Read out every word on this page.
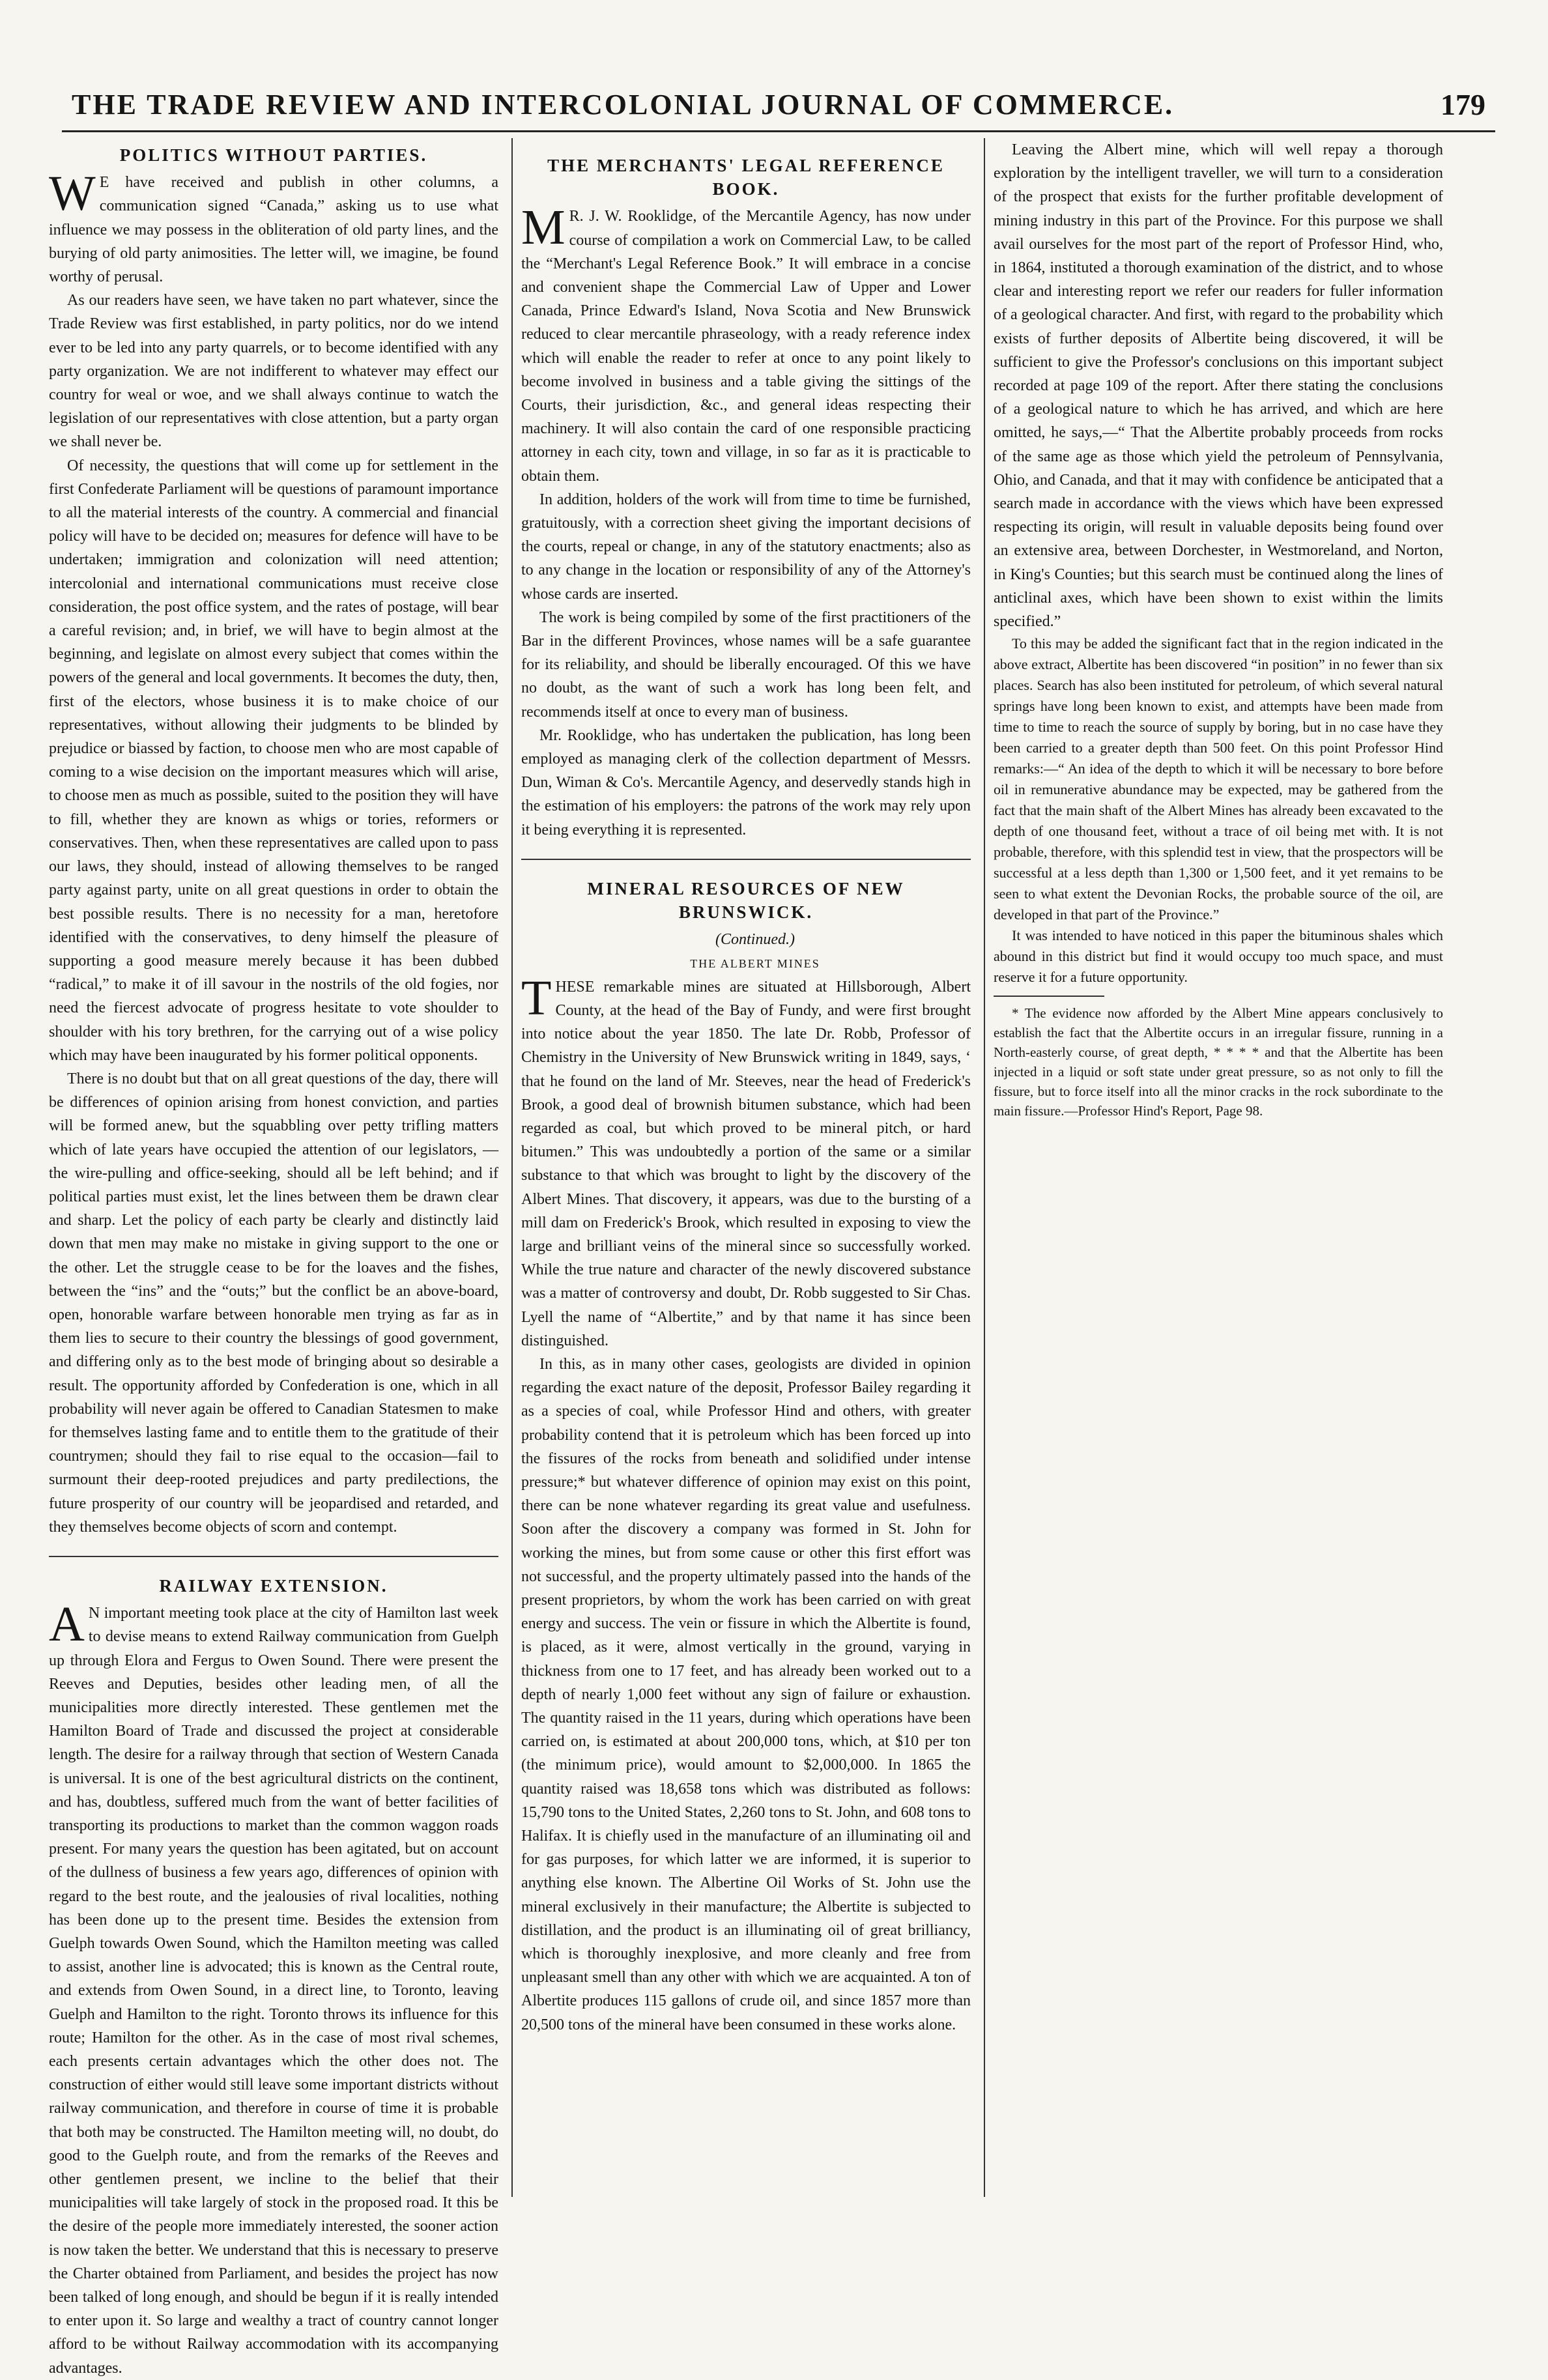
THE TRADE REVIEW AND INTERCOLONIAL JOURNAL OF COMMERCE.	179
POLITICS WITHOUT PARTIES.

W E have received and publish in other columns, a communication signed “Canada,” asking us to use what influence we may possess in the obliteration of old party lines, and the burying of old party animosities. The letter will, we imagine, be found worthy of perusal.

As our readers have seen, we have taken no part whatever, since the Trade Review was first established, in party politics, nor do we intend ever to be led into any party quarrels, or to become identified with any party organization. We are not indifferent to whatever may effect our country for weal or woe, and we shall always continue to watch the legislation of our representatives with close attention, but a party organ we shall never be.

Of necessity, the questions that will come up for settlement in the first Confederate Parliament will be questions of paramount importance to all the material interests of the country. A commercial and financial policy will have to be decided on; measures for defence will have to be undertaken; immigration and colonization will need attention; intercolonial and international communications must receive close consideration, the post office system, and the rates of postage, will bear a careful revision; and, in brief, we will have to begin almost at the beginning, and legislate on almost every subject that comes within the powers of the general and local governments. It becomes the duty, then, first of the electors, whose business it is to make choice of our representatives, without allowing their judgments to be blinded by prejudice or biassed by faction, to choose men who are most capable of coming to a wise decision on the important measures which will arise, to choose men as much as possible, suited to the position they will have to fill, whether they are known as whigs or tories, reformers or conservatives. Then, when these representatives are called upon to pass our laws, they should, instead of allowing themselves to be ranged party against party, unite on all great questions in order to obtain the best possible results. There is no necessity for a man, heretofore identified with the conservatives, to deny himself the pleasure of supporting a good measure merely because it has been dubbed “radical,” to make it of ill savour in the nostrils of the old fogies, nor need the fiercest advocate of progress hesitate to vote shoulder to shoulder with his tory brethren, for the carrying out of a wise policy which may have been inaugurated by his former political opponents.

There is no doubt but that on all great questions of the day, there will be differences of opinion arising from honest conviction, and parties will be formed anew, but the squabbling over petty trifling matters which of late years have occupied the attention of our legislators, — the wire-pulling and office-seeking, should all be left behind; and if political parties must exist, let the lines between them be drawn clear and sharp. Let the policy of each party be clearly and distinctly laid down that men may make no mistake in giving support to the one or the other. Let the struggle cease to be for the loaves and the fishes, between the “ins” and the “outs;” but the conflict be an above-board, open, honorable warfare between honorable men trying as far as in them lies to secure to their country the blessings of good government, and differing only as to the best mode of bringing about so desirable a result. The opportunity afforded by Confederation is one, which in all probability will never again be offered to Canadian Statesmen to make for themselves lasting fame and to entitle them to the gratitude of their countrymen; should they fail to rise equal to the occasion—fail to surmount their deep-rooted prejudices and party predilections, the future prosperity of our country will be jeopardised and retarded, and they themselves become objects of scorn and contempt.

RAILWAY EXTENSION.

A N important meeting took place at the city of Hamilton last week to devise means to extend Railway communication from Guelph up through Elora and Fergus to Owen Sound. There were present the Reeves and Deputies, besides other leading men, of all the municipalities more directly interested. These gentlemen met the Hamilton Board of Trade and discussed the project at considerable length. The desire for a railway through that section of Western Canada is universal. It is one of the best agricultural districts on the continent, and has, doubtless, suffered much from the want of better facilities of transporting its productions to market than the common waggon roads present. For many years the question has been agitated, but on account of the dullness of business a few years ago, differences of opinion with regard to the best route, and the jealousies of rival localities, nothing has been done up to the present time. Besides the extension from Guelph towards Owen Sound, which the Hamilton meeting was called to assist, another line is advocated; this is known as the Central route, and extends from Owen Sound, in a direct line, to Toronto, leaving Guelph and Hamilton to the right. Toronto throws its influence for this route; Hamilton for the other. As in the case of most rival schemes, each presents certain advantages which the other does not. The construction of either would still leave some important districts without railway communication, and therefore in course of time it is probable that both may be constructed. The Hamilton meeting will, no doubt, do good to the Guelph route, and from the remarks of the Reeves and other gentlemen present, we incline to the belief that their municipalities will take largely of stock in the proposed road. It this be the desire of the people more immediately interested, the sooner action is now taken the better. We understand that this is necessary to preserve the Charter obtained from Parliament, and besides the project has now been talked of long enough, and should be begun if it is really intended to enter upon it. So large and wealthy a tract of country cannot longer afford to be without Railway accommodation with its accompanying advantages.

THE MERCHANTS' LEGAL REFERENCE BOOK.

M R. J. W. Rooklidge, of the Mercantile Agency, has now under course of compilation a work on Commercial Law, to be called the “Merchant's Legal Reference Book.” It will embrace in a concise and convenient shape the Commercial Law of Upper and Lower Canada, Prince Edward's Island, Nova Scotia and New Brunswick reduced to clear mercantile phraseology, with a ready reference index which will enable the reader to refer at once to any point likely to become involved in business and a table giving the sittings of the Courts, their jurisdiction, &c., and general ideas respecting their machinery. It will also contain the card of one responsible practicing attorney in each city, town and village, in so far as it is practicable to obtain them.

In addition, holders of the work will from time to time be furnished, gratuitously, with a correction sheet giving the important decisions of the courts, repeal or change, in any of the statutory enactments; also as to any change in the location or responsibility of any of the Attorney's whose cards are inserted.

The work is being compiled by some of the first practitioners of the Bar in the different Provinces, whose names will be a safe guarantee for its reliability, and should be liberally encouraged. Of this we have no doubt, as the want of such a work has long been felt, and recommends itself at once to every man of business.

Mr. Rooklidge, who has undertaken the publication, has long been employed as managing clerk of the collection department of Messrs. Dun, Wiman & Co's. Mercantile Agency, and deservedly stands high in the estimation of his employers: the patrons of the work may rely upon it being everything it is represented.

MINERAL RESOURCES OF NEW BRUNSWICK.

(Continued.)

THE ALBERT MINES

THESE remarkable mines are situated at Hillsborough, Albert County, at the head of the Bay of Fundy, and were first brought into notice about the year 1850. The late Dr. Robb, Professor of Chemistry in the University of New Brunswick writing in 1849, says, ‘ that he found on the land of Mr. Steeves, near the head of Frederick's Brook, a good deal of brownish bitumen substance, which had been regarded as coal, but which proved to be mineral pitch, or hard bitumen.” This was undoubtedly a portion of the same or a similar substance to that which was brought to light by the discovery of the Albert Mines. That discovery, it appears, was due to the bursting of a mill dam on Frederick's Brook, which resulted in exposing to view the large and brilliant veins of the mineral since so successfully worked. While the true nature and character of the newly discovered substance was a matter of controversy and doubt, Dr. Robb suggested to Sir Chas. Lyell the name of “Albertite,” and by that name it has since been distinguished.

In this, as in many other cases, geologists are divided in opinion regarding the exact nature of the deposit, Professor Bailey regarding it as a species of coal, while Professor Hind and others, with greater probability contend that it is petroleum which has been forced up into the fissures of the rocks from beneath and solidified under intense pressure;* but whatever difference of opinion may exist on this point, there can be none whatever regarding its great value and usefulness. Soon after the discovery a company was formed in St. John for working the mines, but from some cause or other this first effort was not successful, and the property ultimately passed into the hands of the present proprietors, by whom the work has been carried on with great energy and success. The vein or fissure in which the Albertite is found, is placed, as it were, almost vertically in the ground, varying in thickness from one to 17 feet, and has already been worked out to a depth of nearly 1,000 feet without any sign of failure or exhaustion. The quantity raised in the 11 years, during which operations have been carried on, is estimated at about 200,000 tons, which, at $10 per ton (the minimum price), would amount to $2,000,000. In 1865 the quantity raised was 18,658 tons which was distributed as follows: 15,790 tons to the United States, 2,260 tons to St. John, and 608 tons to Halifax. It is chiefly used in the manufacture of an illuminating oil and for gas purposes, for which latter we are informed, it is superior to anything else known. The Albertine Oil Works of St. John use the mineral exclusively in their manufacture; the Albertite is subjected to distillation, and the product is an illuminating oil of great brilliancy, which is thoroughly inexplosive, and more cleanly and free from unpleasant smell than any other with which we are acquainted. A ton of Albertite produces 115 gallons of crude oil, and since 1857 more than 20,500 tons of the mineral have been consumed in these works alone.

Leaving the Albert mine, which will well repay a thorough exploration by the intelligent traveller, we will turn to a consideration of the prospect that exists for the further profitable development of mining industry in this part of the Province. For this purpose we shall avail ourselves for the most part of the report of Professor Hind, who, in 1864, instituted a thorough examination of the district, and to whose clear and interesting report we refer our readers for fuller information of a geological character. And first, with regard to the probability which exists of further deposits of Albertite being discovered, it will be sufficient to give the Professor's conclusions on this important subject recorded at page 109 of the report. After there stating the conclusions of a geological nature to which he has arrived, and which are here omitted, he says,—“ That the Albertite probably proceeds from rocks of the same age as those which yield the petroleum of Pennsylvania, Ohio, and Canada, and that it may with confidence be anticipated that a search made in accordance with the views which have been expressed respecting its origin, will result in valuable deposits being found over an extensive area, between Dorchester, in Westmoreland, and Norton, in King's Counties; but this search must be continued along the lines of anticlinal axes, which have been shown to exist within the limits specified.”

To this may be added the significant fact that in the region indicated in the above extract, Albertite has been discovered “in position” in no fewer than six places. Search has also been instituted for petroleum, of which several natural springs have long been known to exist, and attempts have been made from time to time to reach the source of supply by boring, but in no case have they been carried to a greater depth than 500 feet. On this point Professor Hind remarks:—“ An idea of the depth to which it will be necessary to bore before oil in remunerative abundance may be expected, may be gathered from the fact that the main shaft of the Albert Mines has already been excavated to the depth of one thousand feet, without a trace of oil being met with. It is not probable, therefore, with this splendid test in view, that the prospectors will be successful at a less depth than 1,300 or 1,500 feet, and it yet remains to be seen to what extent the Devonian Rocks, the probable source of the oil, are developed in that part of the Province.”

It was intended to have noticed in this paper the bituminous shales which abound in this district but find it would occupy too much space, and must reserve it for a future opportunity.

* The evidence now afforded by the Albert Mine appears conclusively to establish the fact that the Albertite occurs in an irregular fissure, running in a North-easterly course, of great depth, * * * * and that the Albertite has been injected in a liquid or soft state under great pressure, so as not only to fill the fissure, but to force itself into all the minor cracks in the rock subordinate to the main fissure.—Professor Hind's Report, Page 98.
